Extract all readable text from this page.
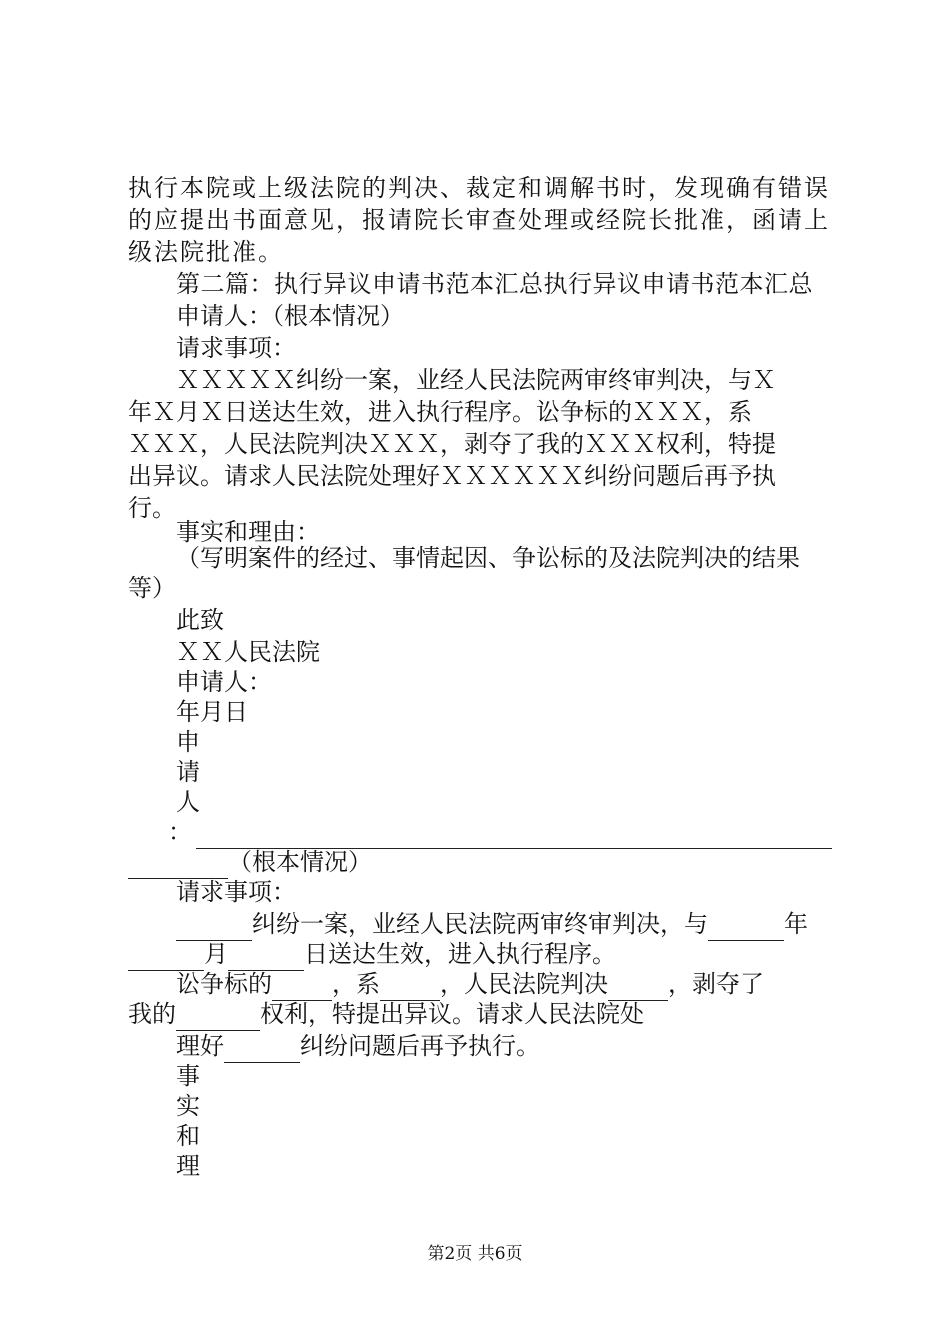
执行本院或上级法院的判决、裁定和调解书时，发现确有错误
的应提出书面意见，报请院长审查处理或经院长批准，函请上
级法院批准。
第二篇：执行异议申请书范本汇总执行异议申请书范本汇总
申请人：（根本情况）
请求事项：
ＸＸＸＸＸ纠纷一案，业经人民法院两审终审判决，与Ｘ
年Ｘ月Ｘ日送达生效，进入执行程序。讼争标的ＸＸＸ，系
ＸＸＸ，人民法院判决ＸＸＸ，剥夺了我的ＸＸＸ权利，特提
出异议。请求人民法院处理好ＸＸＸＸＸＸ纠纷问题后再予执
行。
事实和理由：
（写明案件的经过、事情起因、争讼标的及法院判决的结果
等）
此致
ＸＸ人民法院
申请人：
年月日
申
请
人
：
（根本情况）
请求事项：
纠纷一案，业经人民法院两审终审判决，与	年
月	日送达生效，进入执行程序。
讼争标的	，系	，人民法院判决	，剥夺了
我的	权利，特提出异议。请求人民法院处
理好	纠纷问题后再予执行。
事
实
和
理
第2页 共6页
